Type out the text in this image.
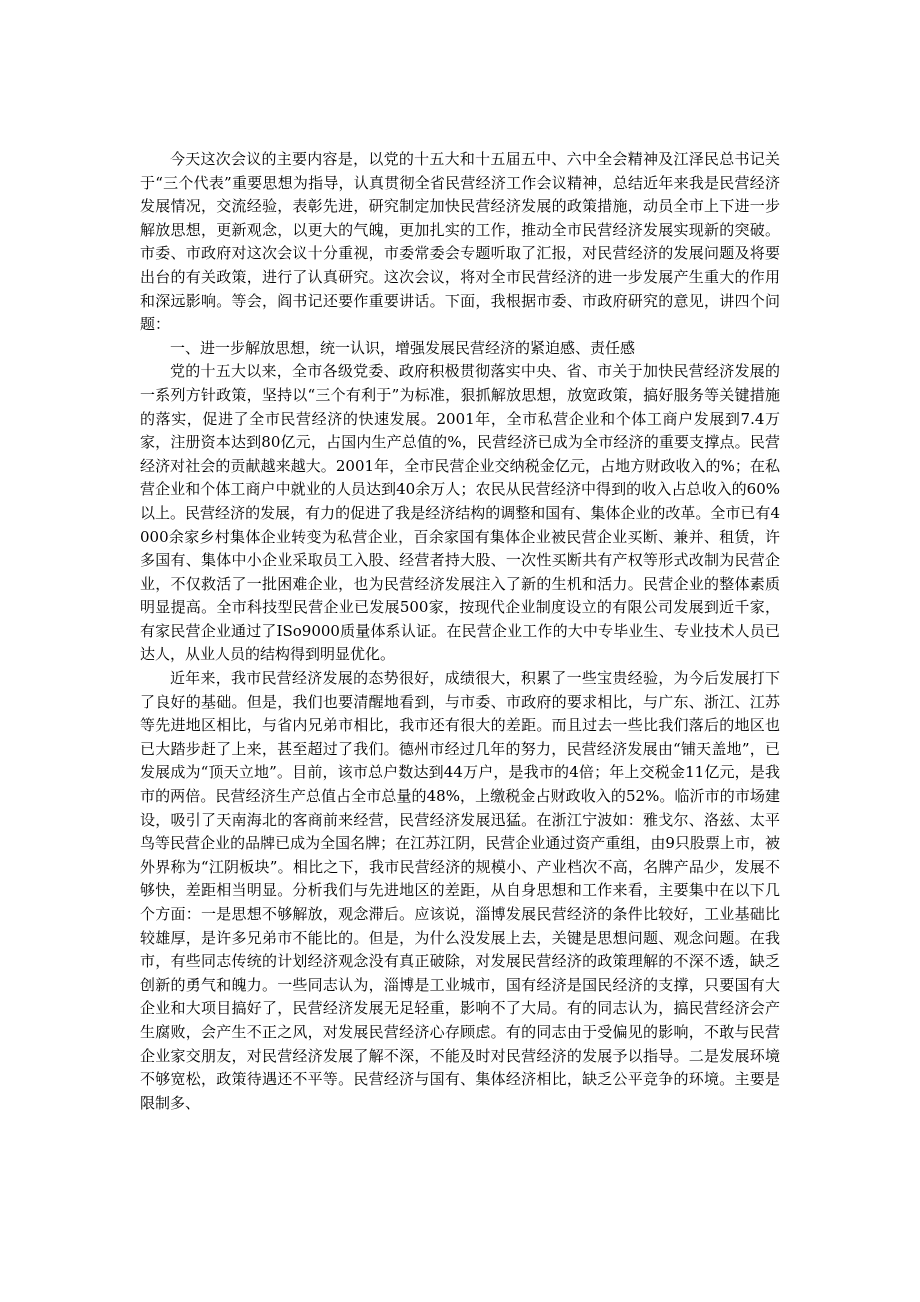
今天这次会议的主要内容是，以党的十五大和十五届五中、六中全会精神及江泽民总书记关于“三个代表”重要思想为指导，认真贯彻全省民营经济工作会议精神，总结近年来我是民营经济发展情况，交流经验，表彰先进，研究制定加快民营经济发展的政策措施，动员全市上下进一步解放思想，更新观念，以更大的气魄，更加扎实的工作，推动全市民营经济发展实现新的突破。市委、市政府对这次会议十分重视，市委常委会专题听取了汇报，对民营经济的发展问题及将要出台的有关政策，进行了认真研究。这次会议，将对全市民营经济的进一步发展产生重大的作用和深远影响。等会，阎书记还要作重要讲话。下面，我根据市委、市政府研究的意见，讲四个问题：

一、进一步解放思想，统一认识，增强发展民营经济的紧迫感、责任感

党的十五大以来，全市各级党委、政府积极贯彻落实中央、省、市关于加快民营经济发展的一系列方针政策，坚持以“三个有利于”为标准，狠抓解放思想，放宽政策，搞好服务等关键措施的落实，促进了全市民营经济的快速发展。2001年，全市私营企业和个体工商户发展到7.4万家，注册资本达到80亿元，占国内生产总值的%，民营经济已成为全市经济的重要支撑点。民营经济对社会的贡献越来越大。2001年，全市民营企业交纳税金亿元，占地方财政收入的%；在私营企业和个体工商户中就业的人员达到40余万人；农民从民营经济中得到的收入占总收入的60%以上。民营经济的发展，有力的促进了我是经济结构的调整和国有、集体企业的改革。全市已有4000余家乡村集体企业转变为私营企业，百余家国有集体企业被民营企业买断、兼并、租赁，许多国有、集体中小企业采取员工入股、经营者持大股、一次性买断共有产权等形式改制为民营企业，不仅救活了一批困难企业，也为民营经济发展注入了新的生机和活力。民营企业的整体素质明显提高。全市科技型民营企业已发展500家，按现代企业制度设立的有限公司发展到近千家，有家民营企业通过了ISo9000质量体系认证。在民营企业工作的大中专毕业生、专业技术人员已达人，从业人员的结构得到明显优化。

近年来，我市民营经济发展的态势很好，成绩很大，积累了一些宝贵经验，为今后发展打下了良好的基础。但是，我们也要清醒地看到，与市委、市政府的要求相比，与广东、浙江、江苏等先进地区相比，与省内兄弟市相比，我市还有很大的差距。而且过去一些比我们落后的地区也已大踏步赶了上来，甚至超过了我们。德州市经过几年的努力，民营经济发展由“铺天盖地”，已发展成为“顶天立地”。目前，该市总户数达到44万户，是我市的4倍；年上交税金11亿元，是我市的两倍。民营经济生产总值占全市总量的48%，上缴税金占财政收入的52%。临沂市的市场建设，吸引了天南海北的客商前来经营，民营经济发展迅猛。在浙江宁波如：雅戈尔、洛兹、太平鸟等民营企业的品牌已成为全国名牌；在江苏江阴，民营企业通过资产重组，由9只股票上市，被外界称为“江阴板块”。相比之下，我市民营经济的规模小、产业档次不高，名牌产品少，发展不够快，差距相当明显。分析我们与先进地区的差距，从自身思想和工作来看，主要集中在以下几个方面：一是思想不够解放，观念滞后。应该说，淄博发展民营经济的条件比较好，工业基础比较雄厚，是许多兄弟市不能比的。但是，为什么没发展上去，关键是思想问题、观念问题。在我市，有些同志传统的计划经济观念没有真正破除，对发展民营经济的政策理解的不深不透，缺乏创新的勇气和魄力。一些同志认为，淄博是工业城市，国有经济是国民经济的支撑，只要国有大企业和大项目搞好了，民营经济发展无足轻重，影响不了大局。有的同志认为，搞民营经济会产生腐败，会产生不正之风，对发展民营经济心存顾虑。有的同志由于受偏见的影响，不敢与民营企业家交朋友，对民营经济发展了解不深，不能及时对民营经济的发展予以指导。二是发展环境不够宽松，政策待遇还不平等。民营经济与国有、集体经济相比，缺乏公平竞争的环境。主要是限制多、
